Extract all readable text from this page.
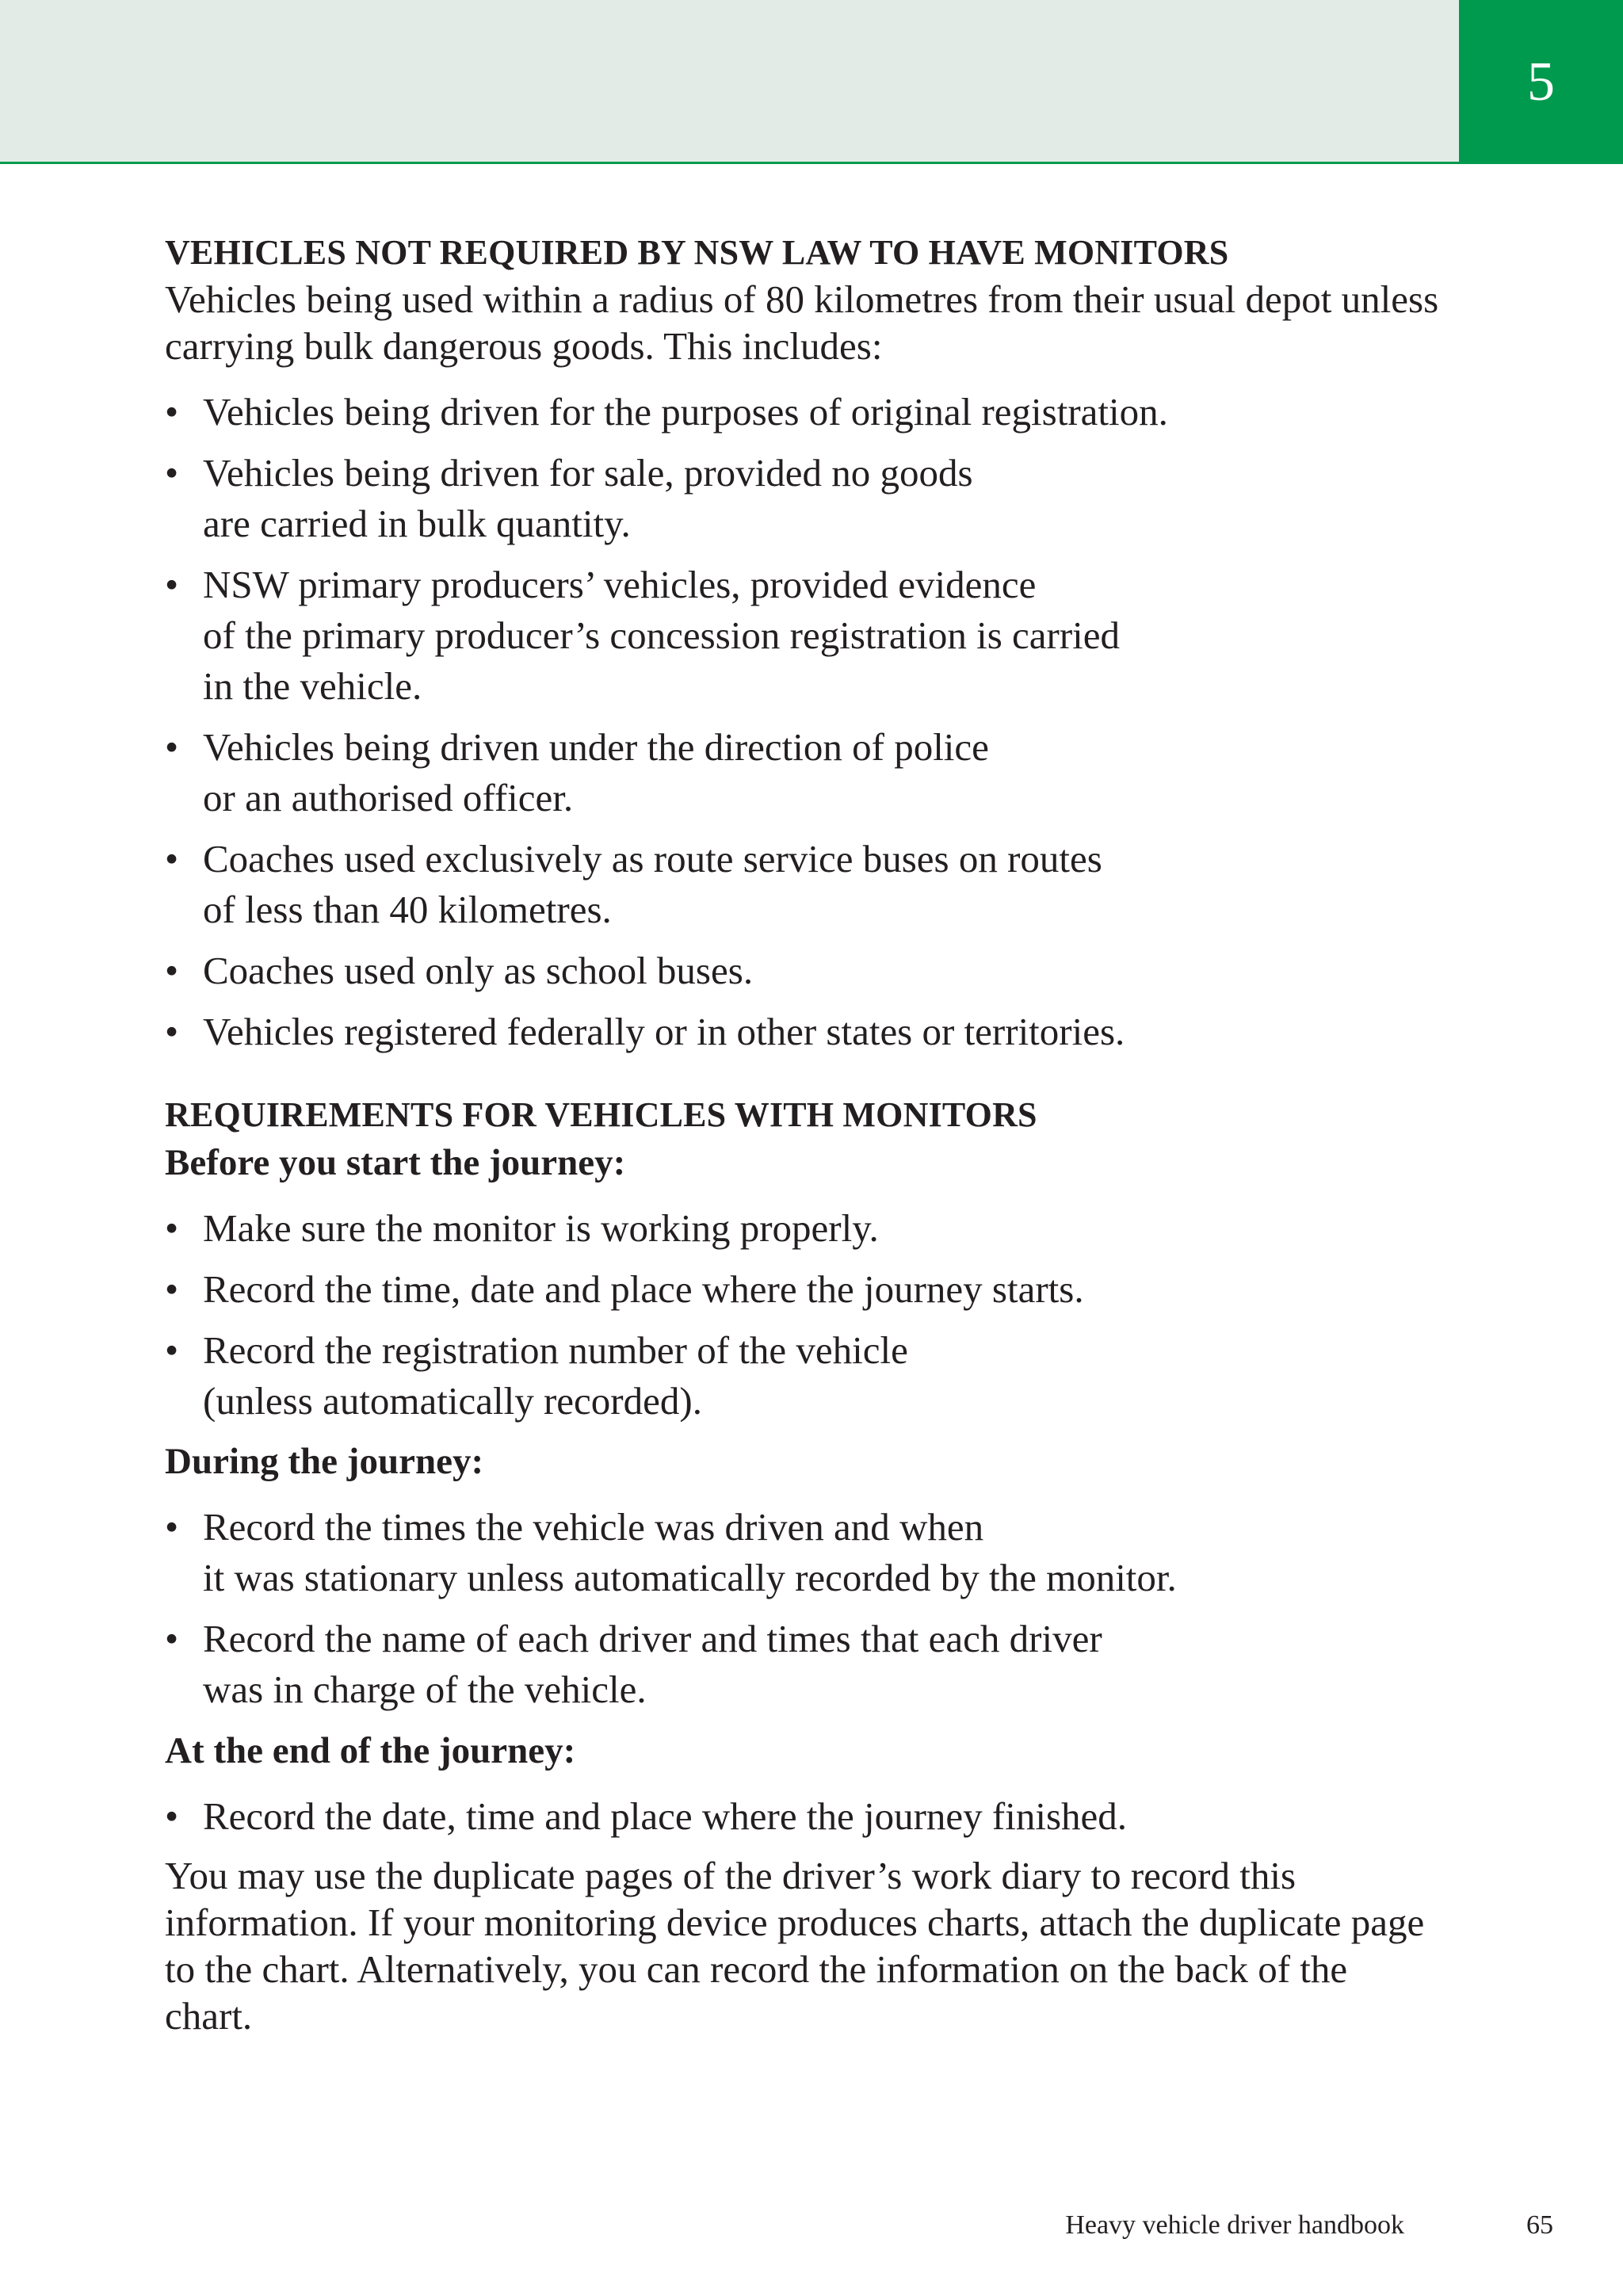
5
VEHICLES NOT REQUIRED BY NSW LAW TO HAVE MONITORS

Vehicles being used within a radius of 80 kilometres from their usual depot unless carrying bulk dangerous goods. This includes:

• Vehicles being driven for the purposes of original registration.
• Vehicles being driven for sale, provided no goods
are carried in bulk quantity.
• NSW primary producers’ vehicles, provided evidence
of the primary producer’s concession registration is carried
in the vehicle.
• Vehicles being driven under the direction of police
or an authorised officer.
• Coaches used exclusively as route service buses on routes
of less than 40 kilometres.
• Coaches used only as school buses.
• Vehicles registered federally or in other states or territories.
REQUIREMENTS FOR VEHICLES WITH MONITORS
Before you start the journey:
• Make sure the monitor is working properly.
• Record the time, date and place where the journey starts.
• Record the registration number of the vehicle
(unless automatically recorded).
During the journey:
• Record the times the vehicle was driven and when
it was stationary unless automatically recorded by the monitor.
• Record the name of each driver and times that each driver
was in charge of the vehicle.
At the end of the journey:
• Record the date, time and place where the journey finished.

You may use the duplicate pages of the driver’s work diary to record this information. If your monitoring device produces charts, attach the duplicate page to the chart. Alternatively, you can record the information on the back of the chart.

Heavy vehicle driver handbook	65
